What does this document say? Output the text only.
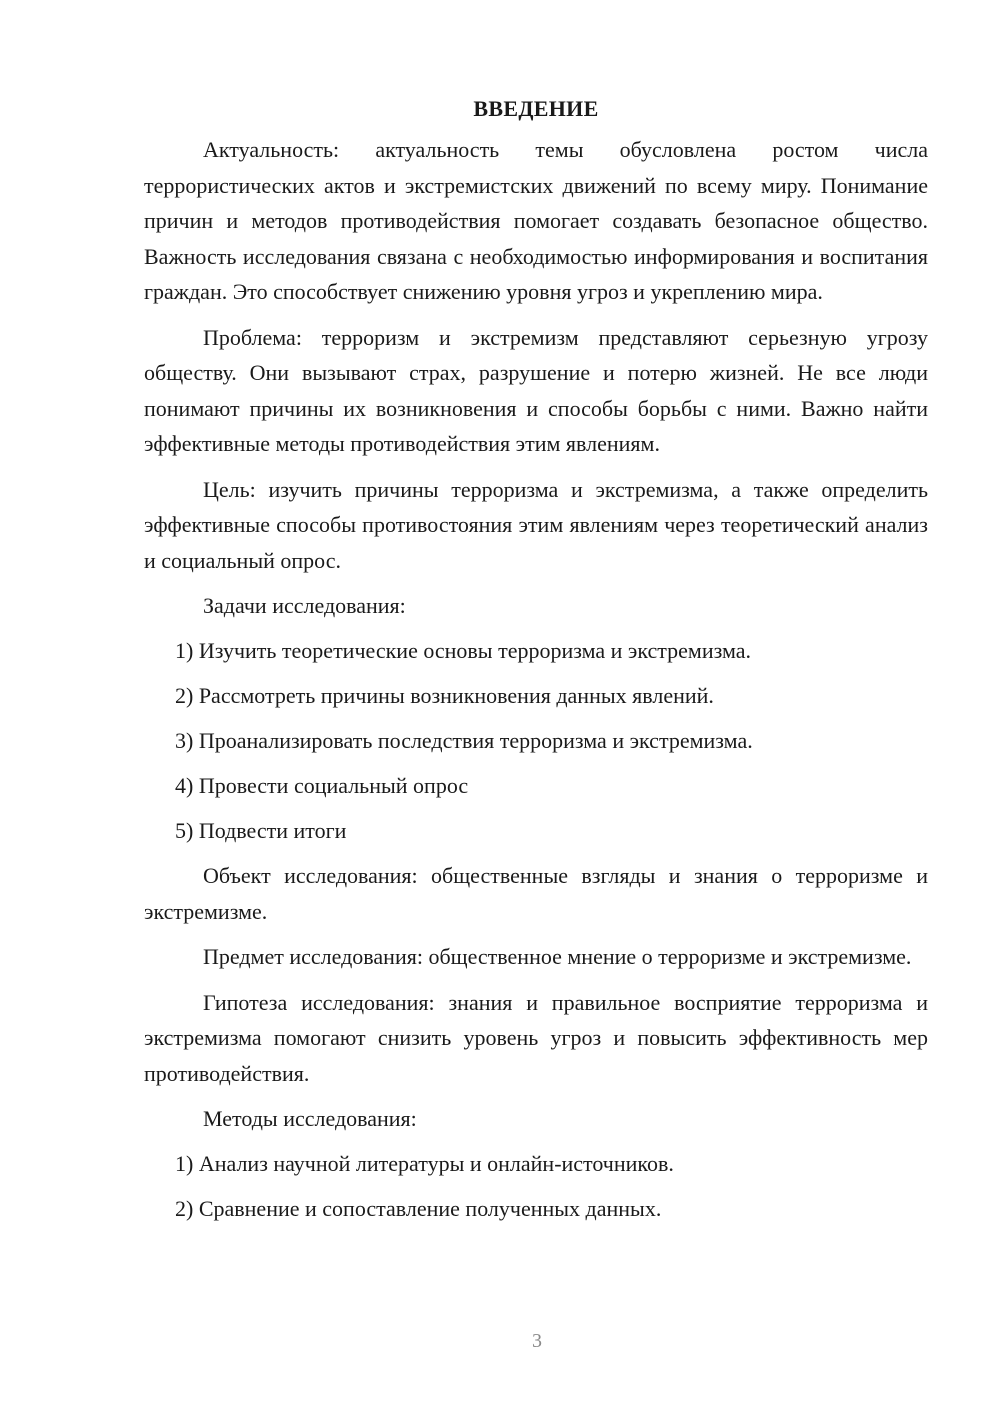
ВВЕДЕНИЕ

Актуальность: актуальность темы обусловлена ростом числа террористических актов и экстремистских движений по всему миру. Понимание причин и методов противодействия помогает создавать безопасное общество. Важность исследования связана с необходимостью информирования и воспитания граждан. Это способствует снижению уровня угроз и укреплению мира.

Проблема: терроризм и экстремизм представляют серьезную угрозу обществу. Они вызывают страх, разрушение и потерю жизней. Не все люди понимают причины их возникновения и способы борьбы с ними. Важно найти эффективные методы противодействия этим явлениям.

Цель: изучить причины терроризма и экстремизма, а также определить эффективные способы противостояния этим явлениям через теоретический анализ и социальный опрос.

Задачи исследования:

1) Изучить теоретические основы терроризма и экстремизма.

2) Рассмотреть причины возникновения данных явлений.

3) Проанализировать последствия терроризма и экстремизма.

4) Провести социальный опрос

5) Подвести итоги

Объект исследования: общественные взгляды и знания о терроризме и экстремизме.

Предмет исследования: общественное мнение о терроризме и экстремизме.

Гипотеза исследования: знания и правильное восприятие терроризма и экстремизма помогают снизить уровень угроз и повысить эффективность мер противодействия.

Методы исследования:

1) Анализ научной литературы и онлайн-источников.

2) Сравнение и сопоставление полученных данных.

3
